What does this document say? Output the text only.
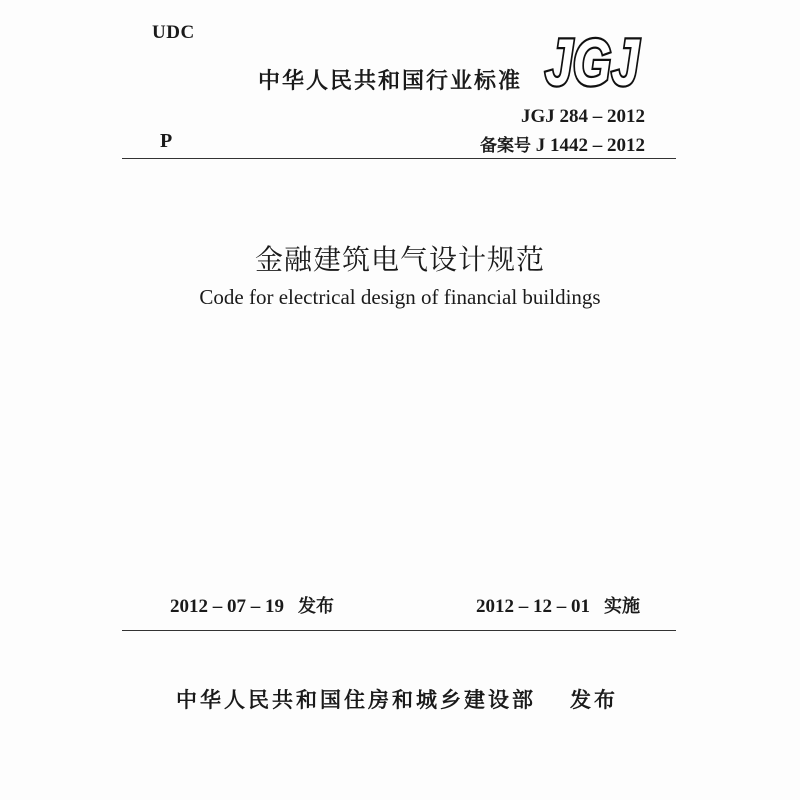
UDC
中华人民共和国行业标准 JGJ
JGJ 284 – 2012
备案号 J 1442 – 2012
P
金融建筑电气设计规范
Code for electrical design of financial buildings
2012 – 07 – 19 发布	2012 – 12 – 01 实施
中华人民共和国住房和城乡建设部 发布
